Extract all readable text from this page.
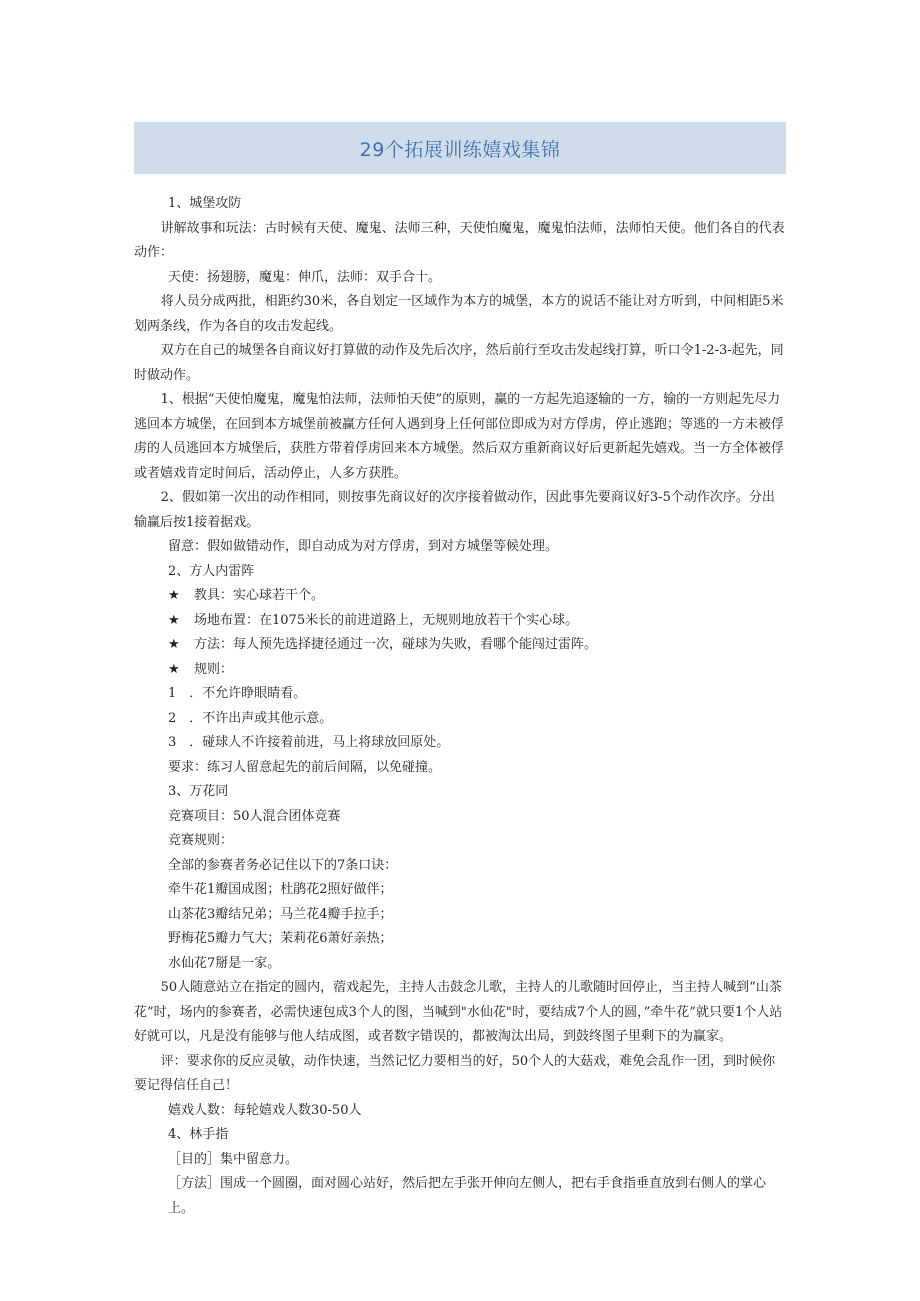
29个拓展训练嬉戏集锦

1、城堡攻防

讲解故事和玩法：古时候有天使、魔鬼、法师三种，天使怕魔鬼，魔鬼怕法师，法师怕天使。他们各自的代表动作：

天使：扬翅膀，魔鬼：伸爪，法师：双手合十。

将人员分成两批，相距约30米，各自划定一区域作为本方的城堡，本方的说话不能让对方听到，中间相距5米划两条线，作为各自的攻击发起线。

双方在自己的城堡各自商议好打算做的动作及先后次序，然后前行至攻击发起线打算，听口令1-2-3-起先，同时做动作。

1、根据“天使怕魔鬼，魔鬼怕法师，法师怕天使”的原则，赢的一方起先追逐输的一方，输的一方则起先尽力逃回本方城堡，在回到本方城堡前被赢方任何人遇到身上任何部位即成为对方俘虏，停止逃跑；等逃的一方未被俘虏的人员逃回本方城堡后，获胜方带着俘虏回来本方城堡。然后双方重新商议好后更新起先嬉戏。当一方全体被俘或者嬉戏肯定时间后，活动停止，人多方获胜。

2、假如第一次出的动作相同，则按事先商议好的次序接着做动作，因此事先要商议好3-5个动作次序。分出输赢后按1接着据戏。

留意：假如做错动作，即自动成为对方俘虏，到对方城堡等候处理。

2、方人内雷阵

★ 教具：实心球若干个。

★ 场地布置：在1075米长的前进道路上，无规则地放若干个实心球。

★ 方法：每人预先选择捷径通过一次，碰球为失败，看哪个能闯过雷阵。

★ 规则：

1　．不允许睁眼睛看。

2　．不许出声或其他示意。

3　．碰球人不许接着前进，马上将球放回原处。

要求：练习人留意起先的前后间隔，以免碰撞。

3、万花同

竞赛项目：50人混合团体竞赛

竞赛规则：

全部的参赛者务必记住以下的7条口诀：

牵牛花1瓣国成图；杜鹃花2照好做伴；

山茶花3瓣结兄弟；马兰花4瓣手拉手；

野梅花5瓣力气大；茉莉花6萧好亲热；

水仙花7掰是一家。

50人随意站立在指定的圆内，蓿戏起先，主持人击鼓念儿歌，主持人的儿歌随时回停止，当主持人喊到“山茶花”时，场内的参赛者，必需快速包成3个人的图，当喊到"水仙花"时，要结成7个人的圆，”牵牛花”就只要1个人站好就可以，凡是没有能够与他人结成图，或者数字错误的，都被淘汰出局，到鼓终图子里剩下的为赢家。

评：要求你的反应灵敏，动作快速，当然记忆力要相当的好，50个人的大菇戏，难免会乱作一团，到时候你要记得信任自己！

嬉戏人数：每轮嬉戏人数30-50人

4、林手指

［目的］集中留意力。

［方法］围成一个圆圈，面对圆心站好，然后把左手张开伸向左侧人，把右手食指垂直放到右侧人的掌心上。
